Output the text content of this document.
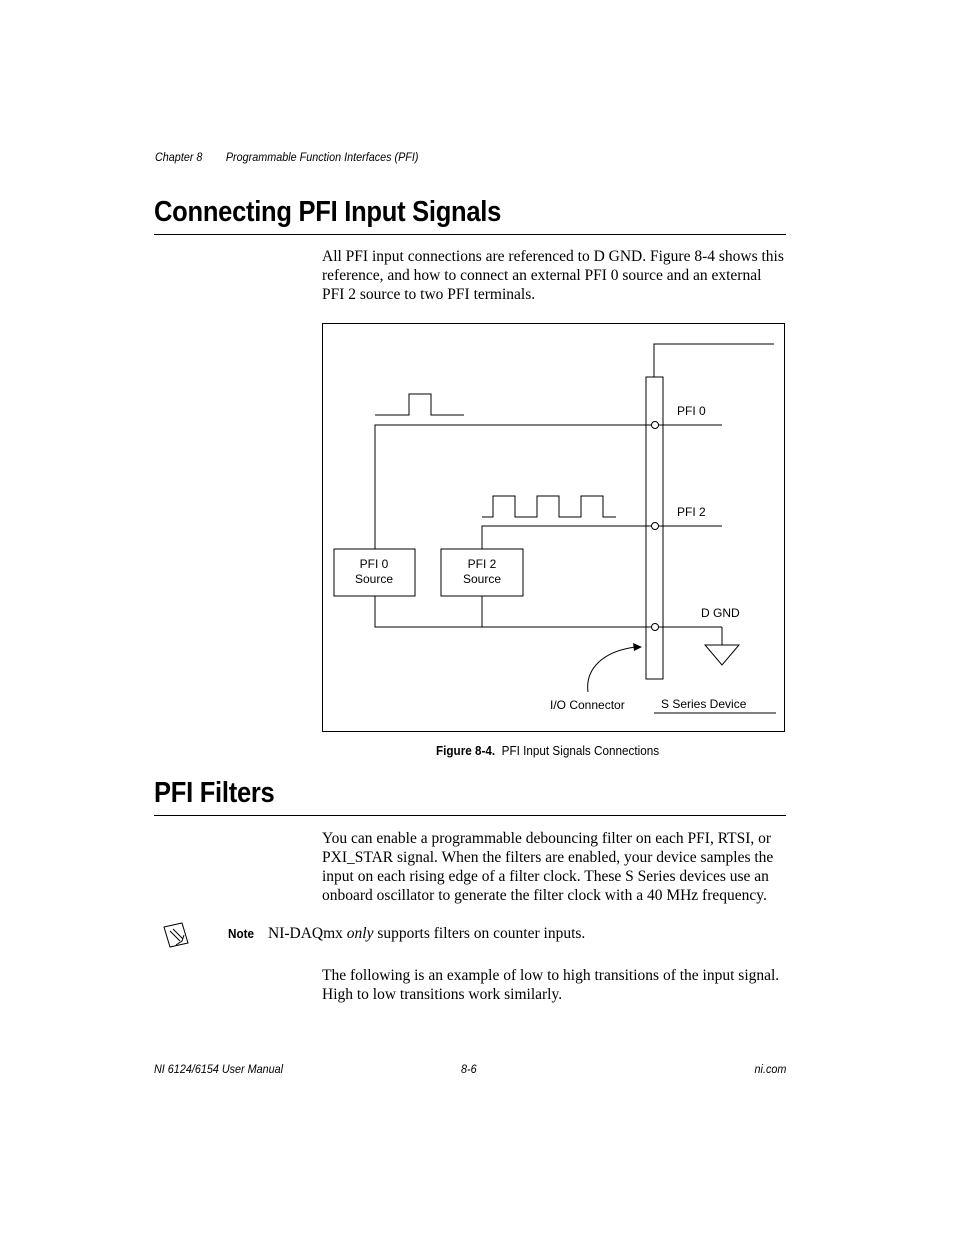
Chapter 8 Programmable Function Interfaces (PFI)
Connecting PFI Input Signals
All PFI input connections are referenced to D GND. Figure 8-4 shows this
reference, and how to connect an external PFI 0 source and an external
PFI 2 source to two PFI terminals.
PFI 0
PFI 2
D GND
PFI 0
Source
PFI 2
Source
I/O Connector	S Series Device
Figure 8-4. PFI Input Signals Connections
PFI Filters
You can enable a programmable debouncing filter on each PFI, RTSI, or
PXI_STAR signal. When the filters are enabled, your device samples the
input on each rising edge of a filter clock. These S Series devices use an
onboard oscillator to generate the filter clock with a 40 MHz frequency.
Note NI-DAQmx only supports filters on counter inputs.
The following is an example of low to high transitions of the input signal.
High to low transitions work similarly.
NI 6124/6154 User Manual	8-6	ni.com
